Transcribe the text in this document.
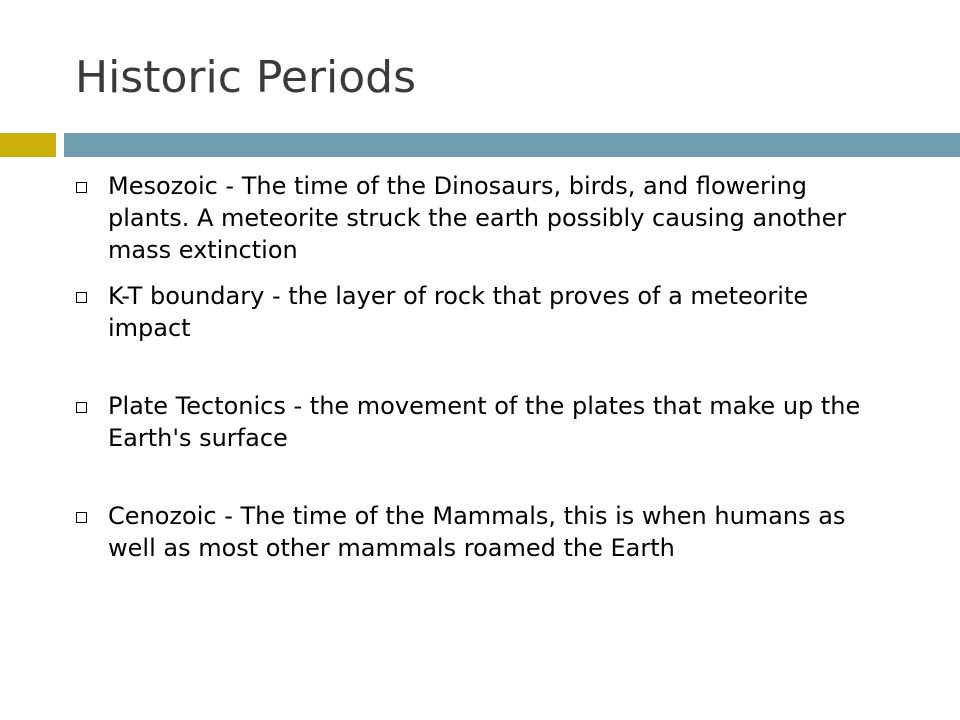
Historic Periods
Mesozoic - The time of the Dinosaurs, birds, and flowering plants. A meteorite struck the earth possibly causing another mass extinction
K-T boundary - the layer of rock that proves of a meteorite impact
Plate Tectonics - the movement of the plates that make up the Earth's surface
Cenozoic - The time of the Mammals, this is when humans as well as most other mammals roamed the Earth
